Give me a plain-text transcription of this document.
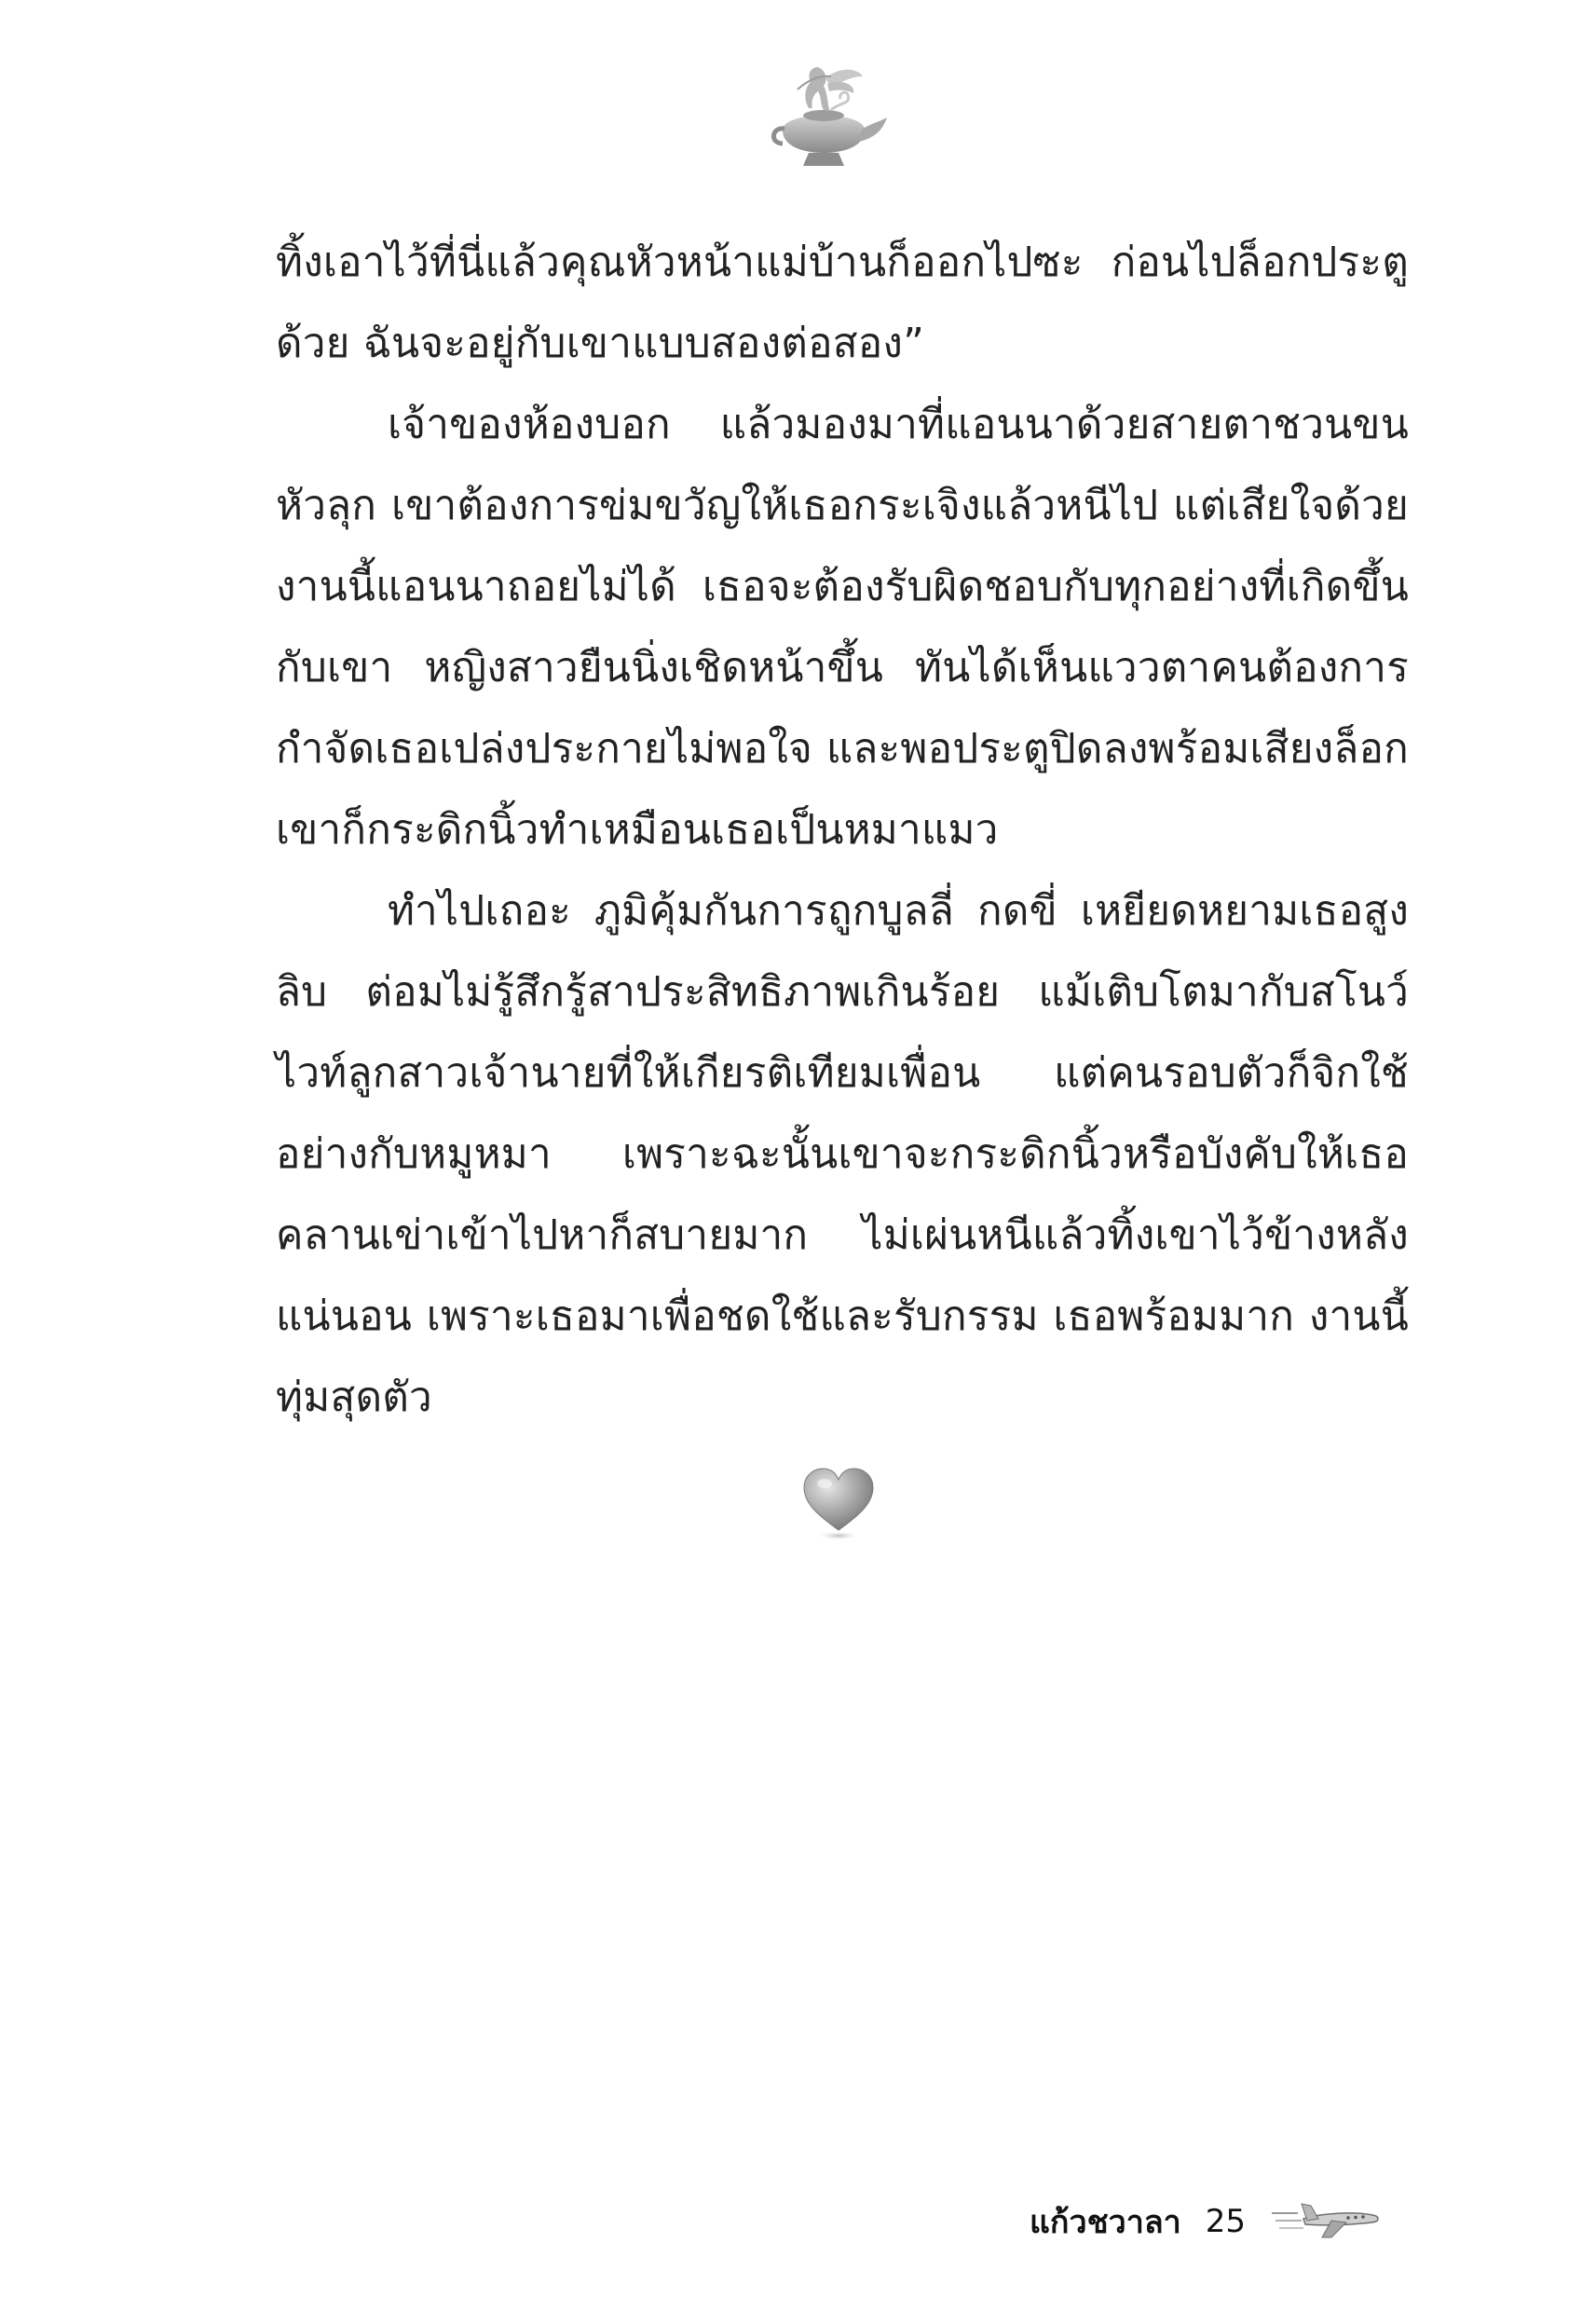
ทิ้งเอาไว้ที่นี่แล้วคุณหัวหน้าแม่บ้านก็ออกไปซะ ก่อนไปล็อกประตูด้วย ฉันจะอยู่กับเขาแบบสองต่อสอง”

เจ้าของห้องบอก แล้วมองมาที่แอนนาด้วยสายตาชวนขนหัวลุก เขาต้องการข่มขวัญให้เธอกระเจิงแล้วหนีไป แต่เสียใจด้วย งานนี้แอนนาถอยไม่ได้ เธอจะต้องรับผิดชอบกับทุกอย่างที่เกิดขึ้นกับเขา หญิงสาวยืนนิ่งเชิดหน้าขึ้น ทันได้เห็นแววตาคนต้องการกำจัดเธอเปล่งประกายไม่พอใจ และพอประตูปิดลงพร้อมเสียงล็อกเขาก็กระดิกนิ้วทำเหมือนเธอเป็นหมาแมว

ทำไปเถอะ ภูมิคุ้มกันการถูกบูลลี่ กดขี่ เหยียดหยามเธอสูงลิบ ต่อมไม่รู้สึกรู้สาประสิทธิภาพเกินร้อย แม้เติบโตมากับสโนว์ไวท์ลูกสาวเจ้านายที่ให้เกียรติเทียมเพื่อน แต่คนรอบตัวก็จิกใช้อย่างกับหมูหมา เพราะฉะนั้นเขาจะกระดิกนิ้วหรือบังคับให้เธอคลานเข่าเข้าไปหาก็สบายมาก ไม่เผ่นหนีแล้วทิ้งเขาไว้ข้างหลังแน่นอน เพราะเธอมาเพื่อชดใช้และรับกรรม เธอพร้อมมาก งานนี้ทุ่มสุดตัว

แก้วชวาลา 25
